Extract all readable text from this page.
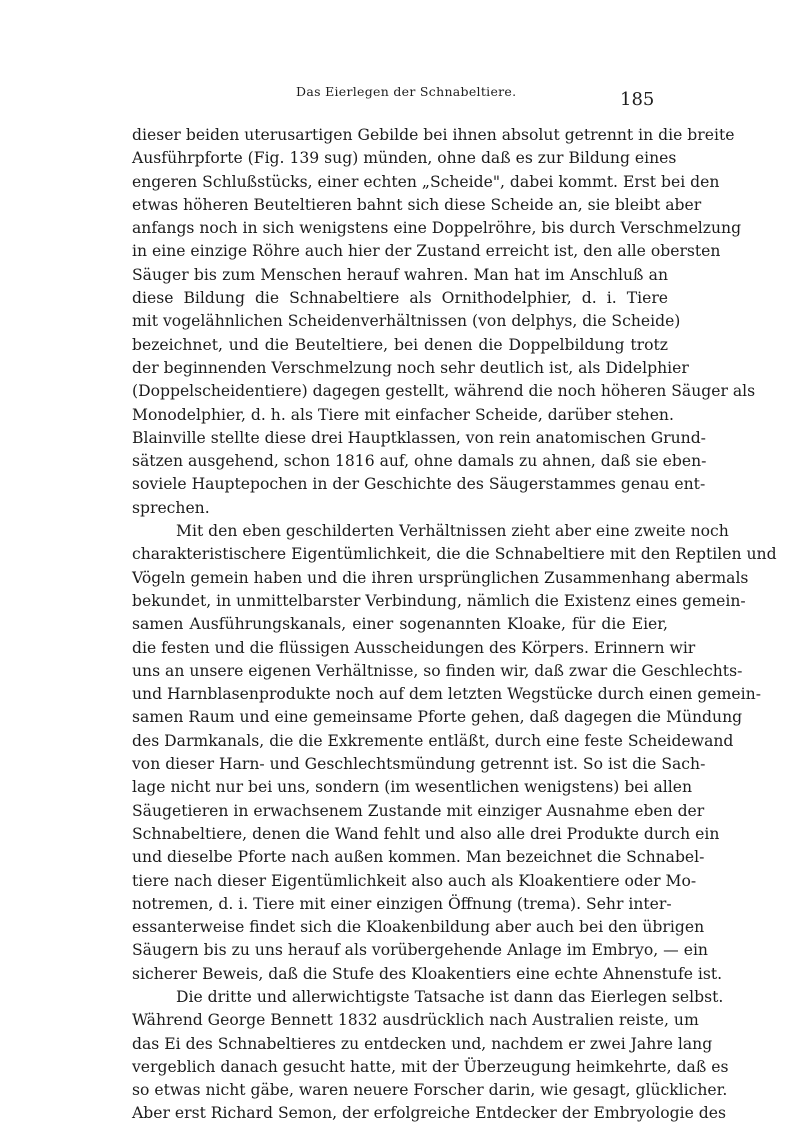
Das Eierlegen der Schnabeltiere.	185
dieser beiden uterusartigen Gebilde bei ihnen absolut getrennt in die breite
Ausführpforte (Fig. 139 sug) münden, ohne daß es zur Bildung eines
engeren Schlußstücks, einer echten „Scheide", dabei kommt. Erst bei den
etwas höheren Beuteltieren bahnt sich diese Scheide an, sie bleibt aber
anfangs noch in sich wenigstens eine Doppelröhre, bis durch Verschmelzung
in eine einzige Röhre auch hier der Zustand erreicht ist, den alle obersten
Säuger bis zum Menschen herauf wahren. Man hat im Anschluß an
diese Bildung die Schnabeltiere als Ornithodelphier, d. i. Tiere
mit vogelähnlichen Scheidenverhältnissen (von delphys, die Scheide)
bezeichnet, und die Beuteltiere, bei denen die Doppelbildung trotz
der beginnenden Verschmelzung noch sehr deutlich ist, als Didelphier
(Doppelscheidentiere) dagegen gestellt, während die noch höheren Säuger als
Monodelphier, d. h. als Tiere mit einfacher Scheide, darüber stehen.
Blainville stellte diese drei Hauptklassen, von rein anatomischen Grund-
sätzen ausgehend, schon 1816 auf, ohne damals zu ahnen, daß sie eben-
soviele Hauptepochen in der Geschichte des Säugerstammes genau ent-
sprechen.
Mit den eben geschilderten Verhältnissen zieht aber eine zweite noch
charakteristischere Eigentümlichkeit, die die Schnabeltiere mit den Reptilen und
Vögeln gemein haben und die ihren ursprünglichen Zusammenhang abermals
bekundet, in unmittelbarster Verbindung, nämlich die Existenz eines gemein-
samen Ausführungskanals, einer sogenannten Kloake, für die Eier,
die festen und die flüssigen Ausscheidungen des Körpers. Erinnern wir
uns an unsere eigenen Verhältnisse, so finden wir, daß zwar die Geschlechts-
und Harnblasenprodukte noch auf dem letzten Wegstücke durch einen gemein-
samen Raum und eine gemeinsame Pforte gehen, daß dagegen die Mündung
des Darmkanals, die die Exkremente entläßt, durch eine feste Scheidewand
von dieser Harn- und Geschlechtsmündung getrennt ist. So ist die Sach-
lage nicht nur bei uns, sondern (im wesentlichen wenigstens) bei allen
Säugetieren in erwachsenem Zustande mit einziger Ausnahme eben der
Schnabeltiere, denen die Wand fehlt und also alle drei Produkte durch ein
und dieselbe Pforte nach außen kommen. Man bezeichnet die Schnabel-
tiere nach dieser Eigentümlichkeit also auch als Kloakentiere oder Mo-
notremen, d. i. Tiere mit einer einzigen Öffnung (trema). Sehr inter-
essanterweise findet sich die Kloakenbildung aber auch bei den übrigen
Säugern bis zu uns herauf als vorübergehende Anlage im Embryo, — ein
sicherer Beweis, daß die Stufe des Kloakentiers eine echte Ahnenstufe ist.
Die dritte und allerwichtigste Tatsache ist dann das Eierlegen selbst.
Während George Bennett 1832 ausdrücklich nach Australien reiste, um
das Ei des Schnabeltieres zu entdecken und, nachdem er zwei Jahre lang
vergeblich danach gesucht hatte, mit der Überzeugung heimkehrte, daß es
so etwas nicht gäbe, waren neuere Forscher darin, wie gesagt, glücklicher.
Aber erst Richard Semon, der erfolgreiche Entdecker der Embryologie des
